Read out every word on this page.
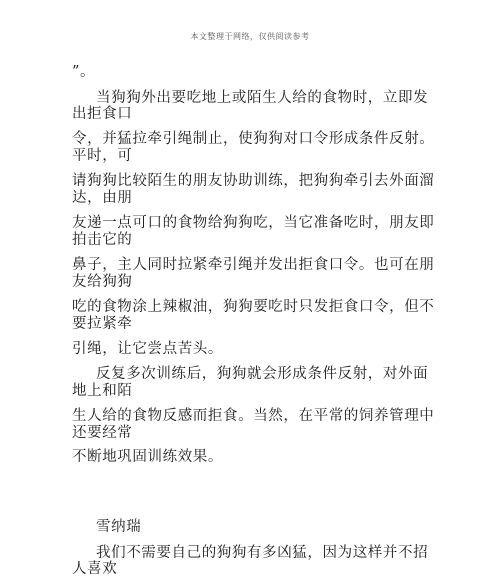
本文整理于网络，仅供阅读参考
”。
当狗狗外出要吃地上或陌生人给的食物时，立即发
出拒食口
令，并猛拉牵引绳制止，使狗狗对口令形成条件反射。
平时，可
请狗狗比较陌生的朋友协助训练，把狗狗牵引去外面溜
达，由朋
友递一点可口的食物给狗狗吃，当它准备吃时，朋友即
拍击它的
鼻子，主人同时拉紧牵引绳并发出拒食口令。也可在朋
友给狗狗
吃的食物涂上辣椒油，狗狗要吃时只发拒食口令，但不
要拉紧牵
引绳，让它尝点苦头。
反复多次训练后，狗狗就会形成条件反射，对外面
地上和陌
生人给的食物反感而拒食。当然，在平常的饲养管理中
还要经常
不断地巩固训练效果。
雪纳瑞
我们不需要自己的狗狗有多凶猛，因为这样并不招
人喜欢
